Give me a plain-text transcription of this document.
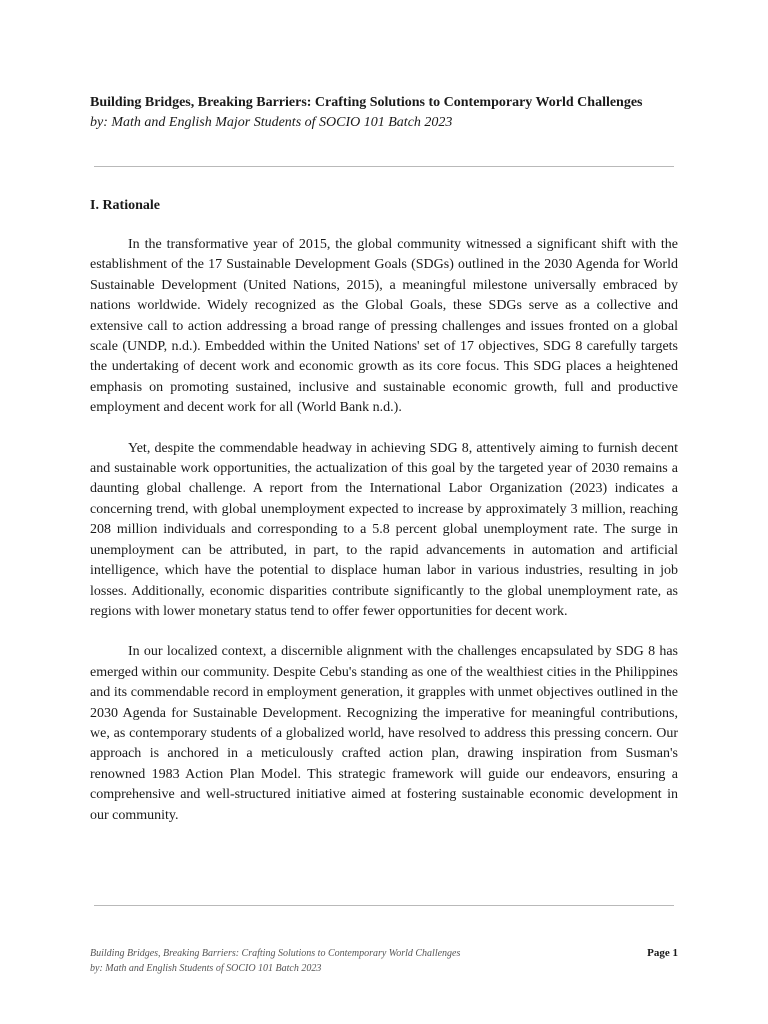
Building Bridges, Breaking Barriers: Crafting Solutions to Contemporary World Challenges

by: Math and English Major Students of SOCIO 101 Batch 2023

I. Rationale

In the transformative year of 2015, the global community witnessed a significant shift with the establishment of the 17 Sustainable Development Goals (SDGs) outlined in the 2030 Agenda for World Sustainable Development (United Nations, 2015), a meaningful milestone universally embraced by nations worldwide. Widely recognized as the Global Goals, these SDGs serve as a collective and extensive call to action addressing a broad range of pressing challenges and issues fronted on a global scale (UNDP, n.d.). Embedded within the United Nations' set of 17 objectives, SDG 8 carefully targets the undertaking of decent work and economic growth as its core focus. This SDG places a heightened emphasis on promoting sustained, inclusive and sustainable economic growth, full and productive employment and decent work for all (World Bank n.d.).

Yet, despite the commendable headway in achieving SDG 8, attentively aiming to furnish decent and sustainable work opportunities, the actualization of this goal by the targeted year of 2030 remains a daunting global challenge. A report from the International Labor Organization (2023) indicates a concerning trend, with global unemployment expected to increase by approximately 3 million, reaching 208 million individuals and corresponding to a 5.8 percent global unemployment rate. The surge in unemployment can be attributed, in part, to the rapid advancements in automation and artificial intelligence, which have the potential to displace human labor in various industries, resulting in job losses. Additionally, economic disparities contribute significantly to the global unemployment rate, as regions with lower monetary status tend to offer fewer opportunities for decent work.

In our localized context, a discernible alignment with the challenges encapsulated by SDG 8 has emerged within our community. Despite Cebu's standing as one of the wealthiest cities in the Philippines and its commendable record in employment generation, it grapples with unmet objectives outlined in the 2030 Agenda for Sustainable Development. Recognizing the imperative for meaningful contributions, we, as contemporary students of a globalized world, have resolved to address this pressing concern. Our approach is anchored in a meticulously crafted action plan, drawing inspiration from Susman's renowned 1983 Action Plan Model. This strategic framework will guide our endeavors, ensuring a comprehensive and well-structured initiative aimed at fostering sustainable economic development in our community.

Building Bridges, Breaking Barriers: Crafting Solutions to Contemporary World Challenges

by: Math and English Students of SOCIO 101 Batch 2023

Page 1
